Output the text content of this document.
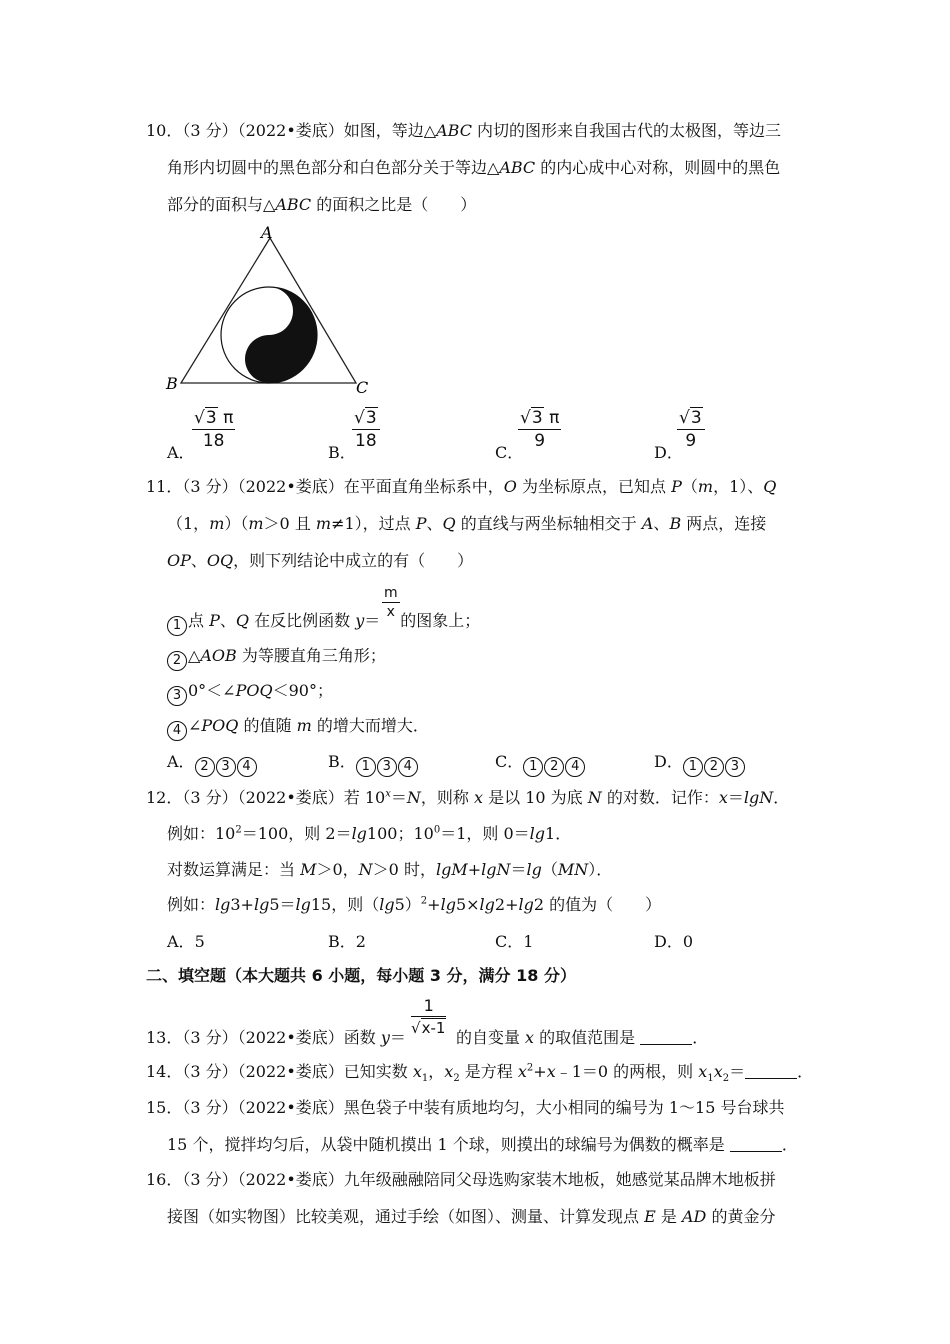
10．（3 分）（2022•娄底）如图，等边△ABC 内切的图形来自我国古代的太极图，等边三
角形内切圆中的黑色部分和白色部分关于等边△ABC 的内心成中心对称，则圆中的黑色
部分的面积与△ABC 的面积之比是（　　）
A
B	C
A．
$\frac{√3 \pi}{18}$
B．
$\frac{√3}{18}$
C．
$\frac{√3 \pi}{9}$
D．
$\frac{√3}{9}$
11．（3 分）（2022•娄底）在平面直角坐标系中，O 为坐标原点，已知点 P（m，1）、Q
（1，m）（m＞0 且 m≠1），过点 P、Q 的直线与两坐标轴相交于 A、B 两点，连接
OP、OQ，则下列结论中成立的有（　　）
$\frac{m}{x}$
1 点 P、Q 在反比例函数 y＝ 的图象上；
2 △AOB 为等腰直角三角形；
3 0°＜∠POQ＜90°；
4 ∠POQ 的值随 m 的增大而增大．
A． 2 3 4	B． 1 3 4	C． 1 2 4	D． 1 2 3
12．（3 分）（2022•娄底）若 $10^x=N$，则称 x 是以 10 为底 N 的对数．记作：x＝lgN．
例如：$10^2=100$，则 2＝lg100；$10^0=1$，则 0＝lg1．
对数运算满足：当 M＞0，N＞0 时，lgM+lgN＝lg（MN）．
例如：lg3+lg5＝lg15，则$(\lg 5)^2+\lg 5\times\lg 2+\lg 2$ 的值为（　　）
A．5	B．2	C．1	D．0
二、填空题（本大题共 6 小题，每小题 3 分，满分 18 分）
$\frac{1}{√x-1}$
13．（3 分）（2022•娄底）函数 y＝	的自变量 x 的取值范围是	．
14．（3 分）（2022•娄底）已知实数 $x_1$，$x_2$ 是方程 $x^2+x﹣1=0$ 的两根，则 $x_1x_2=$	．
15．（3 分）（2022•娄底）黑色袋子中装有质地均匀，大小相同的编号为 1～15 号台球共
15 个，搅拌均匀后，从袋中随机摸出 1 个球，则摸出的球编号为偶数的概率是	．
16．（3 分）（2022•娄底）九年级融融陪同父母选购家装木地板，她感觉某品牌木地板拼
接图（如实物图）比较美观，通过手绘（如图）、测量、计算发现点 E 是 AD 的黄金分
